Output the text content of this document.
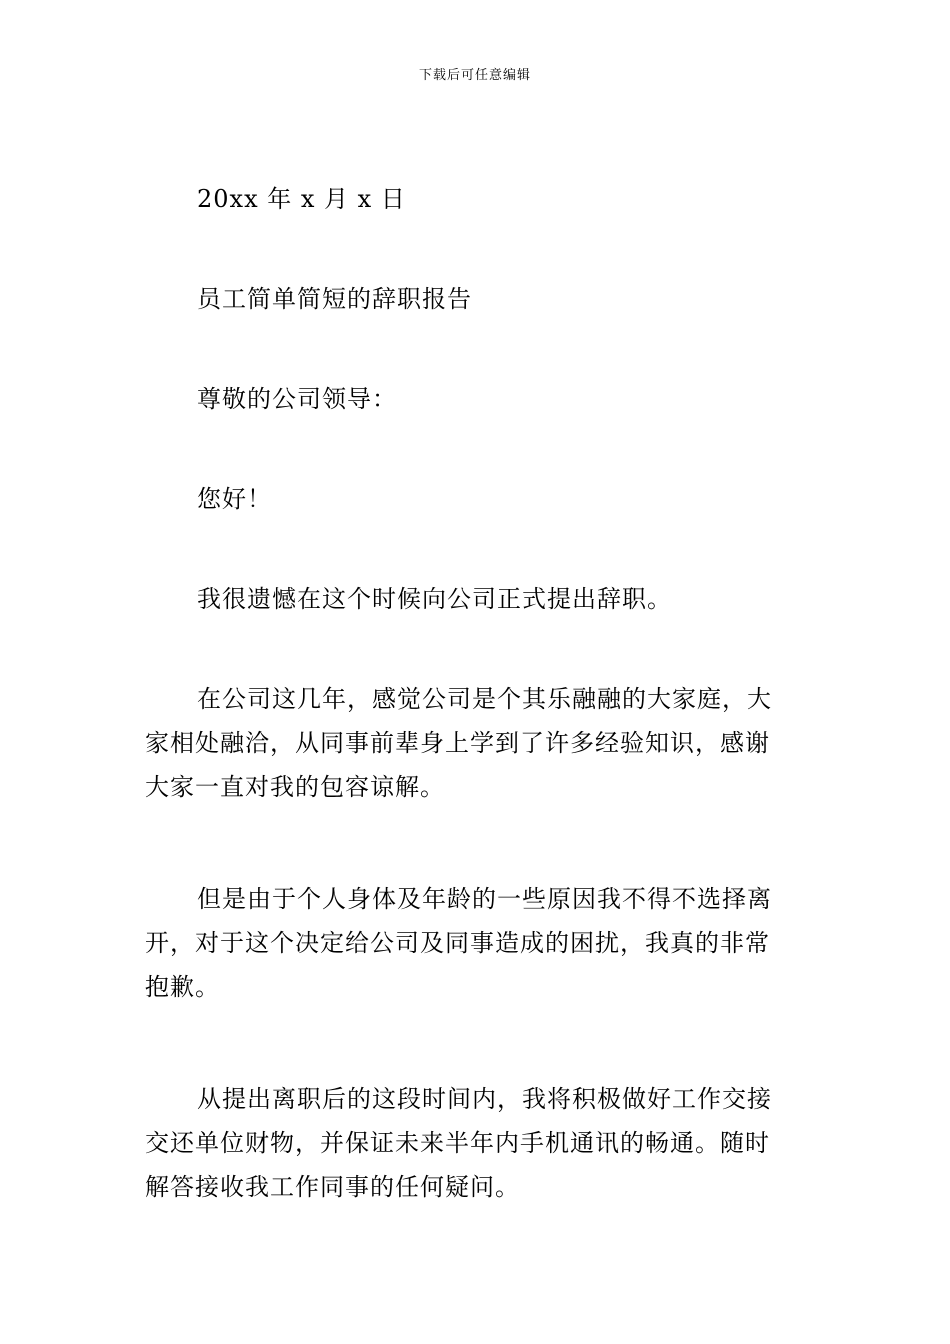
下载后可任意编辑
20xx 年 x 月 x 日
员工简单简短的辞职报告
尊敬的公司领导：
您好！
我很遗憾在这个时候向公司正式提出辞职。
在公司这几年，感觉公司是个其乐融融的大家庭，大
家相处融洽，从同事前辈身上学到了许多经验知识，感谢
大家一直对我的包容谅解。
但是由于个人身体及年龄的一些原因我不得不选择离
开，对于这个决定给公司及同事造成的困扰，我真的非常
抱歉。
从提出离职后的这段时间内，我将积极做好工作交接
交还单位财物，并保证未来半年内手机通讯的畅通。随时
解答接收我工作同事的任何疑问。
